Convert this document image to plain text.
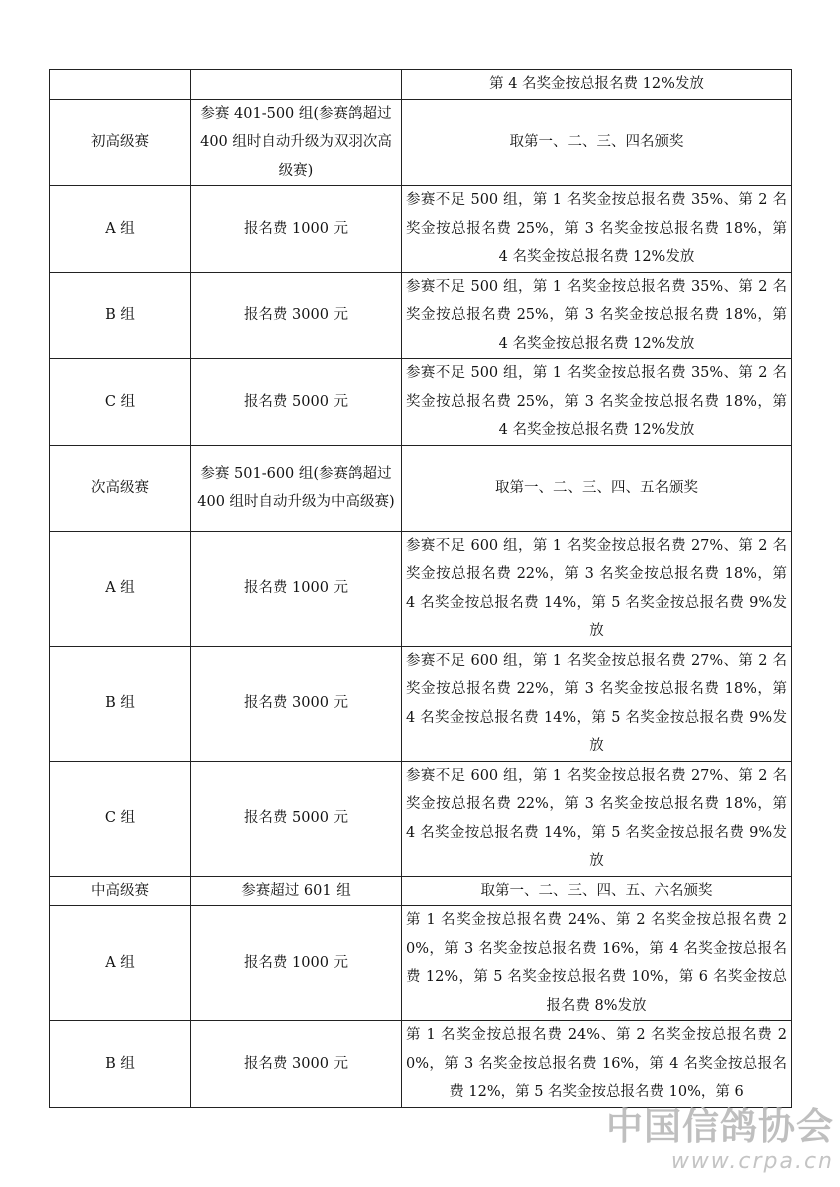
		第 4 名奖金按总报名费 12%发放
初高级赛	参赛 401-500 组(参赛鸽超过 400 组时自动升级为双羽次高级赛)	取第一、二、三、四名颁奖
A 组	报名费 1000 元	参赛不足 500 组，第 1 名奖金按总报名费 35%、第 2 名奖金按总报名费 25%，第 3 名奖金按总报名费 18%，第 4 名奖金按总报名费 12%发放
B 组	报名费 3000 元	参赛不足 500 组，第 1 名奖金按总报名费 35%、第 2 名奖金按总报名费 25%，第 3 名奖金按总报名费 18%，第 4 名奖金按总报名费 12%发放
C 组	报名费 5000 元	参赛不足 500 组，第 1 名奖金按总报名费 35%、第 2 名奖金按总报名费 25%，第 3 名奖金按总报名费 18%，第 4 名奖金按总报名费 12%发放
次高级赛	参赛 501-600 组(参赛鸽超过 400 组时自动升级为中高级赛)	取第一、二、三、四、五名颁奖
A 组	报名费 1000 元	参赛不足 600 组，第 1 名奖金按总报名费 27%、第 2 名奖金按总报名费 22%，第 3 名奖金按总报名费 18%，第 4 名奖金按总报名费 14%，第 5 名奖金按总报名费 9%发放
B 组	报名费 3000 元	参赛不足 600 组，第 1 名奖金按总报名费 27%、第 2 名奖金按总报名费 22%，第 3 名奖金按总报名费 18%，第 4 名奖金按总报名费 14%，第 5 名奖金按总报名费 9%发放
C 组	报名费 5000 元	参赛不足 600 组，第 1 名奖金按总报名费 27%、第 2 名奖金按总报名费 22%，第 3 名奖金按总报名费 18%，第 4 名奖金按总报名费 14%，第 5 名奖金按总报名费 9%发放
中高级赛	参赛超过 601 组	取第一、二、三、四、五、六名颁奖
A 组	报名费 1000 元	第 1 名奖金按总报名费 24%、第 2 名奖金按总报名费 20%，第 3 名奖金按总报名费 16%，第 4 名奖金按总报名费 12%，第 5 名奖金按总报名费 10%，第 6 名奖金按总报名费 8%发放
B 组	报名费 3000 元	第 1 名奖金按总报名费 24%、第 2 名奖金按总报名费 20%，第 3 名奖金按总报名费 16%，第 4 名奖金按总报名费 12%，第 5 名奖金按总报名费 10%，第 6
中国信鸽协会
www.crpa.cn
